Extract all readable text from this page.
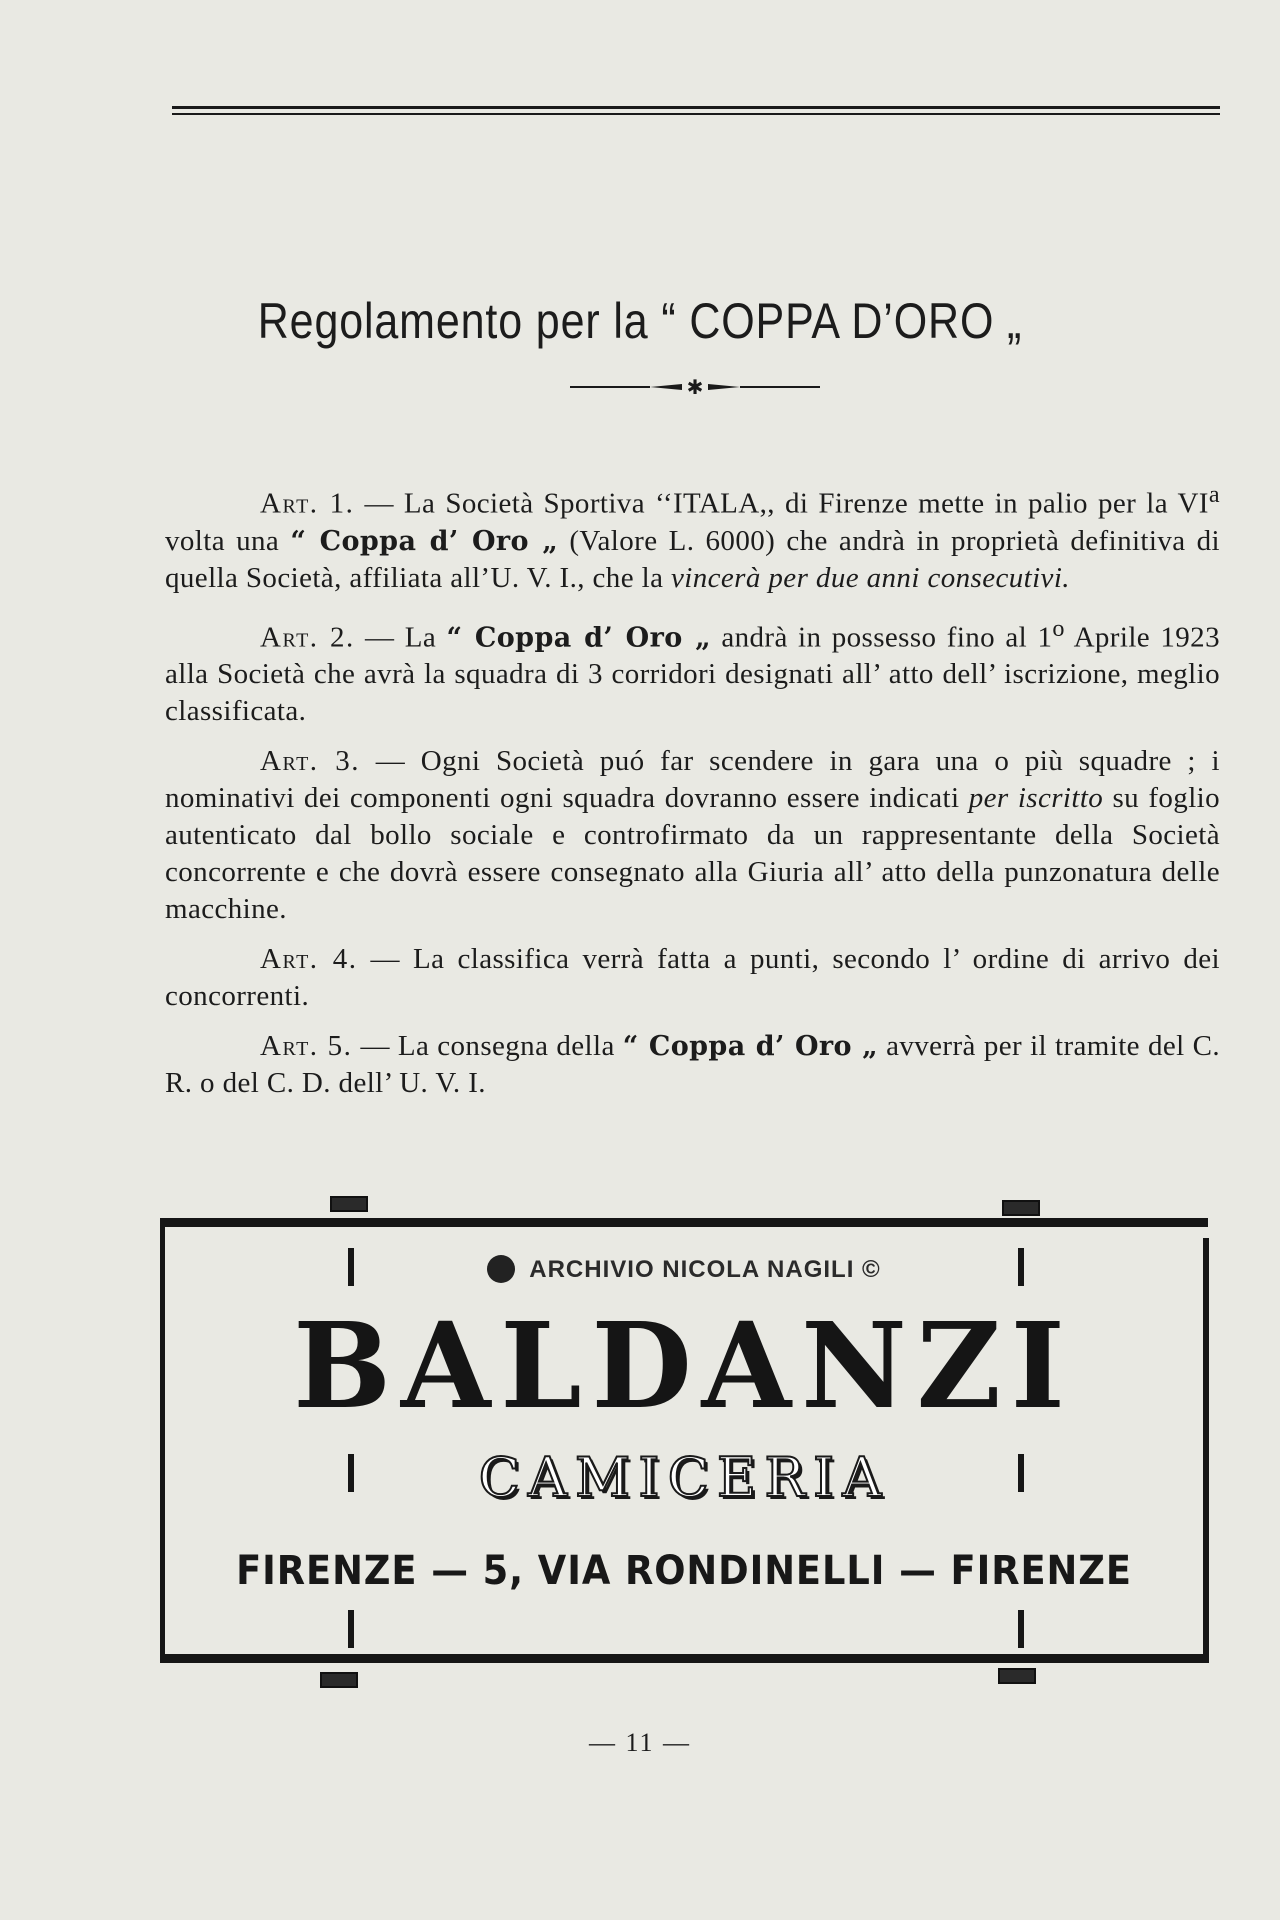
Regolamento per la “ COPPA D’ORO „
✱

Art. 1. — La Società Sportiva ‘‘ITALA,, di Firenze mette in palio per la $VI^a$ volta una “ Coppa d’ Oro „ (Valore L. 6000) che andrà in proprietà definitiva di quella Società, affiliata all’U. V. I., che la vincerà per due anni consecutivi.

Art. 2. — La “ Coppa d’ Oro „ andrà in possesso fino al 1$^o$ Aprile 1923 alla Società che avrà la squadra di 3 corridori designati all’ atto dell’ iscrizione, meglio classificata.

Art. 3. — Ogni Società puó far scendere in gara una o più squadre ; i nominativi dei componenti ogni squadra dovranno essere indicati per iscritto su foglio autenticato dal bollo sociale e controfirmato da un rappresentante della Società concorrente e che dovrà essere consegnato alla Giuria all’ atto della punzonatura delle macchine.

Art. 4. — La classifica verrà fatta a punti, secondo l’ ordine di arrivo dei concorrenti.

Art. 5. — La consegna della “ Coppa d’ Oro „ avverrà per il tramite del C. R. o del C. D. dell’ U. V. I.

ARCHIVIO NICOLA NAGILI ©
BALDANZI
CAMICERIA
FIRENZE — 5, VIA RONDINELLI — FIRENZE
— 11 —
